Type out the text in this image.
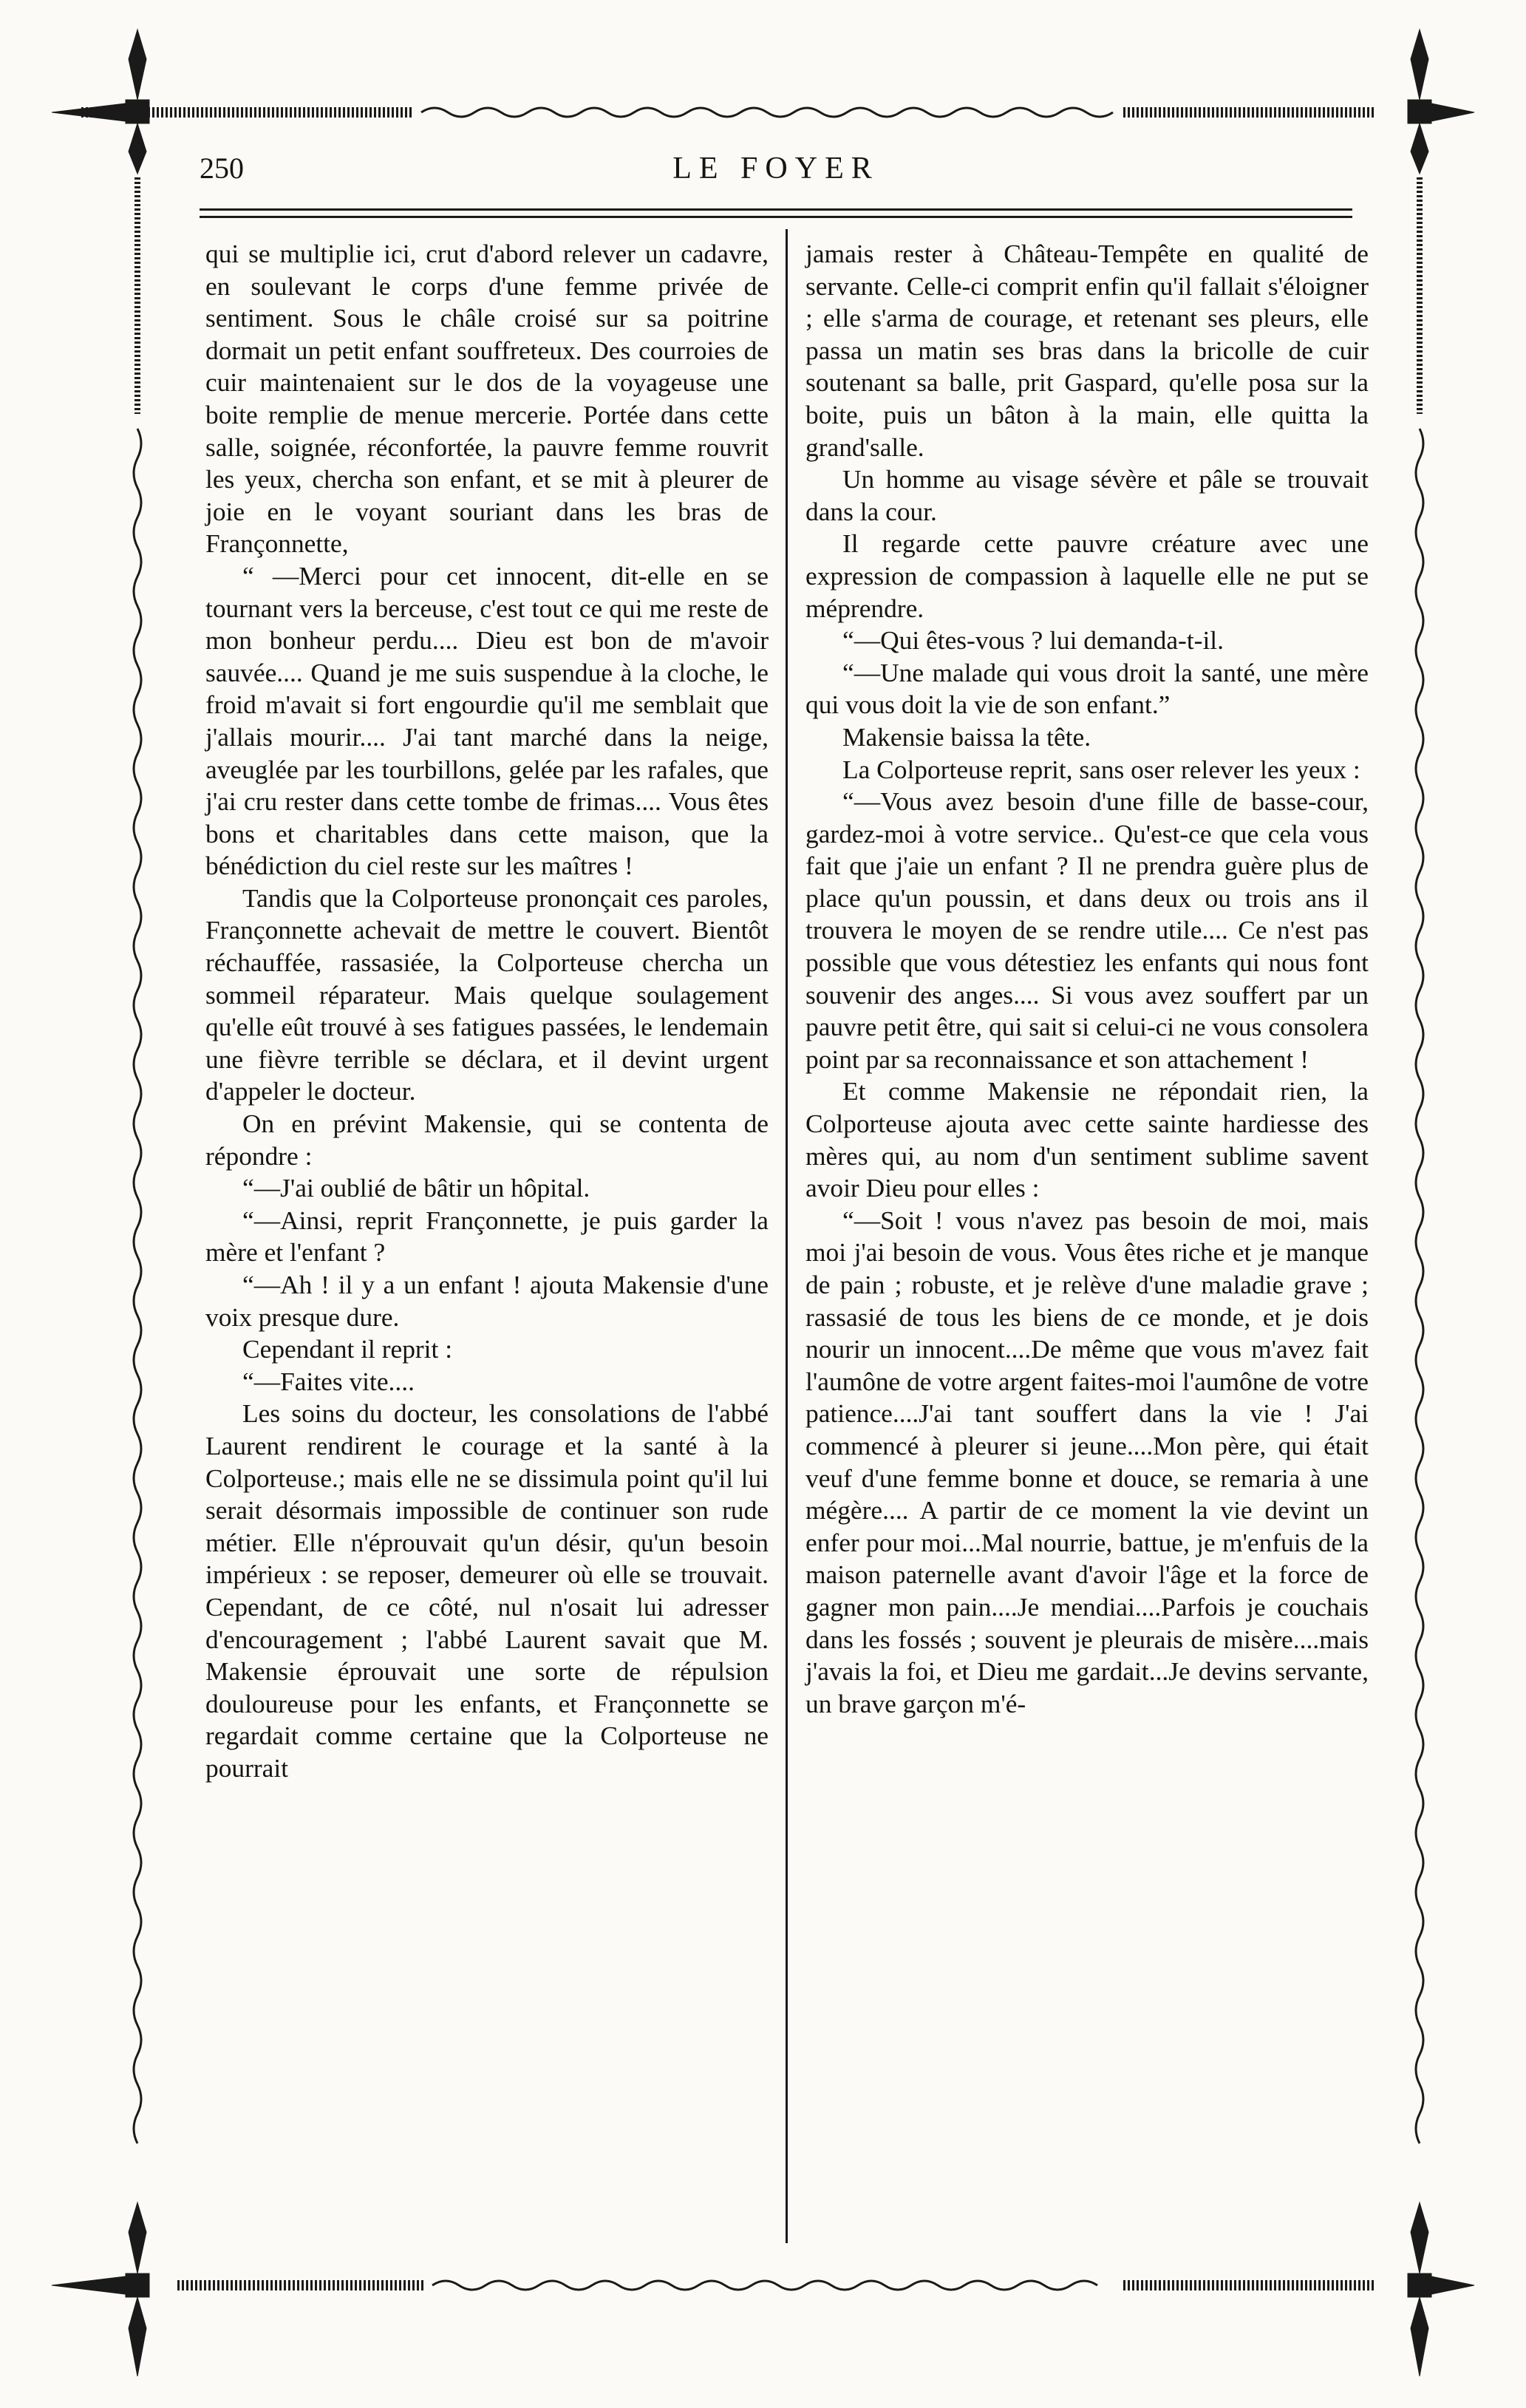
250	LE FOYER

qui se multiplie ici, crut d'abord relever un cadavre, en soulevant le corps d'une femme privée de sentiment. Sous le châle croisé sur sa poitrine dormait un petit enfant souffreteux. Des courroies de cuir maintenaient sur le dos de la voyageuse une boite remplie de menue mercerie. Portée dans cette salle, soignée, réconfortée, la pauvre femme rouvrit les yeux, chercha son enfant, et se mit à pleurer de joie en le voyant souriant dans les bras de Françonnette,

“ —Merci pour cet innocent, dit-elle en se tournant vers la berceuse, c'est tout ce qui me reste de mon bonheur perdu.... Dieu est bon de m'avoir sauvée.... Quand je me suis suspendue à la cloche, le froid m'avait si fort engourdie qu'il me semblait que j'allais mourir.... J'ai tant marché dans la neige, aveuglée par les tourbillons, gelée par les rafales, que j'ai cru rester dans cette tombe de frimas.... Vous êtes bons et charitables dans cette maison, que la bénédiction du ciel reste sur les maîtres !

Tandis que la Colporteuse prononçait ces paroles, Françonnette achevait de mettre le couvert. Bientôt réchauffée, rassasiée, la Colporteuse chercha un sommeil réparateur. Mais quelque soulagement qu'elle eût trouvé à ses fatigues passées, le lendemain une fièvre terrible se déclara, et il devint urgent d'appeler le docteur.

On en prévint Makensie, qui se contenta de répondre :

“—J'ai oublié de bâtir un hôpital.

“—Ainsi, reprit Françonnette, je puis garder la mère et l'enfant ?

“—Ah ! il y a un enfant ! ajouta Makensie d'une voix presque dure.

Cependant il reprit :

“—Faites vite....

Les soins du docteur, les consolations de l'abbé Laurent rendirent le courage et la santé à la Colporteuse.; mais elle ne se dissimula point qu'il lui serait désormais impossible de continuer son rude métier. Elle n'éprouvait qu'un désir, qu'un besoin impérieux : se reposer, demeurer où elle se trouvait. Cependant, de ce côté, nul n'osait lui adresser d'encouragement ; l'abbé Laurent savait que M. Makensie éprouvait une sorte de répulsion douloureuse pour les enfants, et Françonnette se regardait comme certaine que la Colporteuse ne pourrait

jamais rester à Château-Tempête en qualité de servante. Celle-ci comprit enfin qu'il fallait s'éloigner ; elle s'arma de courage, et retenant ses pleurs, elle passa un matin ses bras dans la bricolle de cuir soutenant sa balle, prit Gaspard, qu'elle posa sur la boite, puis un bâton à la main, elle quitta la grand'salle.

Un homme au visage sévère et pâle se trouvait dans la cour.

Il regarde cette pauvre créature avec une expression de compassion à laquelle elle ne put se méprendre.

“—Qui êtes-vous ? lui demanda-t-il.

“—Une malade qui vous droit la santé, une mère qui vous doit la vie de son enfant.”

Makensie baissa la tête.

La Colporteuse reprit, sans oser relever les yeux :

“—Vous avez besoin d'une fille de basse-cour, gardez-moi à votre service.. Qu'est-ce que cela vous fait que j'aie un enfant ? Il ne prendra guère plus de place qu'un poussin, et dans deux ou trois ans il trouvera le moyen de se rendre utile.... Ce n'est pas possible que vous détestiez les enfants qui nous font souvenir des anges.... Si vous avez souffert par un pauvre petit être, qui sait si celui-ci ne vous consolera point par sa reconnaissance et son attachement !

Et comme Makensie ne répondait rien, la Colporteuse ajouta avec cette sainte hardiesse des mères qui, au nom d'un sentiment sublime savent avoir Dieu pour elles :

“—Soit ! vous n'avez pas besoin de moi, mais moi j'ai besoin de vous. Vous êtes riche et je manque de pain ; robuste, et je relève d'une maladie grave ; rassasié de tous les biens de ce monde, et je dois nourir un innocent....De même que vous m'avez fait l'aumône de votre argent faites-moi l'aumône de votre patience....J'ai tant souffert dans la vie ! J'ai commencé à pleurer si jeune....Mon père, qui était veuf d'une femme bonne et douce, se remaria à une mégère.... A partir de ce moment la vie devint un enfer pour moi...Mal nourrie, battue, je m'enfuis de la maison paternelle avant d'avoir l'âge et la force de gagner mon pain....Je mendiai....Parfois je couchais dans les fossés ; souvent je pleurais de misère....mais j'avais la foi, et Dieu me gardait...Je devins servante, un brave garçon m'é-
